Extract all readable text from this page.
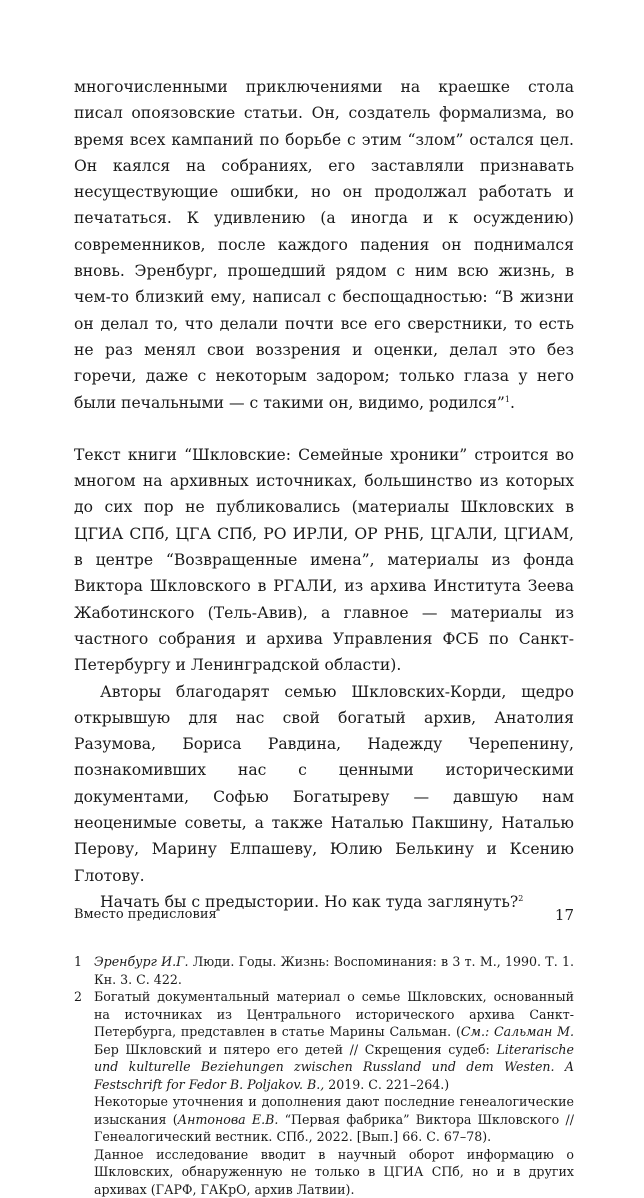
многочисленными приключениями на краешке стола писал опоязовские статьи. Он, создатель формализма, во время всех кампаний по борьбе с этим “злом” остался цел. Он каялся на собраниях, его заставляли признавать несуществующие ошибки, но он продолжал работать и печататься. К удивлению (а иногда и к осуждению) современников, после каждого падения он поднимался вновь. Эренбург, прошедший рядом с ним всю жизнь, в чем-то близкий ему, написал с беспощадностью: “В жизни он делал то, что делали почти все его сверстники, то есть не раз менял свои воззрения и оценки, делал это без горечи, даже с некоторым задором; только глаза у него были печальными — с такими он, видимо, родился”$^1$.

Текст книги “Шкловские: Семейные хроники” строится во многом на архивных источниках, большинство из которых до сих пор не публиковались (материалы Шкловских в ЦГИА СПб, ЦГА СПб, РО ИРЛИ, ОР РНБ, ЦГАЛИ, ЦГИАМ, в центре “Возвращенные имена”, материалы из фонда Виктора Шкловского в РГАЛИ, из архива Института Зеева Жаботинского (Тель-Авив), а главное — материалы из частного собрания и архива Управления ФСБ по Санкт-Петербургу и Ленинградской области).

Авторы благодарят семью Шкловских-Корди, щедро открывшую для нас свой богатый архив, Анатолия Разумова, Бориса Равдина, Надежду Черепенину, познакомивших нас с ценными историческими документами, Софью Богатыреву — давшую нам неоценимые советы, а также Наталью Пакшину, Наталью Перову, Марину Елпашеву, Юлию Белькину и Ксению Глотову.

Начать бы с предыстории. Но как туда заглянуть?$^2$

1 Эренбург И.Г. Люди. Годы. Жизнь: Воспоминания: в 3 т. М., 1990. Т. 1. Кн. 3. С. 422.

2 Богатый документальный материал о семье Шкловских, основанный на источниках из Центрального исторического архива Санкт-Петербурга, представлен в статье Марины Сальман. (См.: Сальман М. Бер Шкловский и пятеро его детей // Скрещения судеб: Literarische und kulturelle Beziehungen zwischen Russland und dem Westen. A Festschrift for Fedor B. Poljakov. B., 2019. С. 221–264.)

Некоторые уточнения и дополнения дают последние генеалогические изыскания (Антонова Е.В. “Первая фабрика” Виктора Шкловского // Генеалогический вестник. СПб., 2022. [Вып.] 66. С. 67–78).

Данное исследование вводит в научный оборот информацию о Шкловских, обнаруженную не только в ЦГИА СПб, но и в других архивах (ГАРФ, ГАКрО, архив Латвии).

Вместо предисловия	17
